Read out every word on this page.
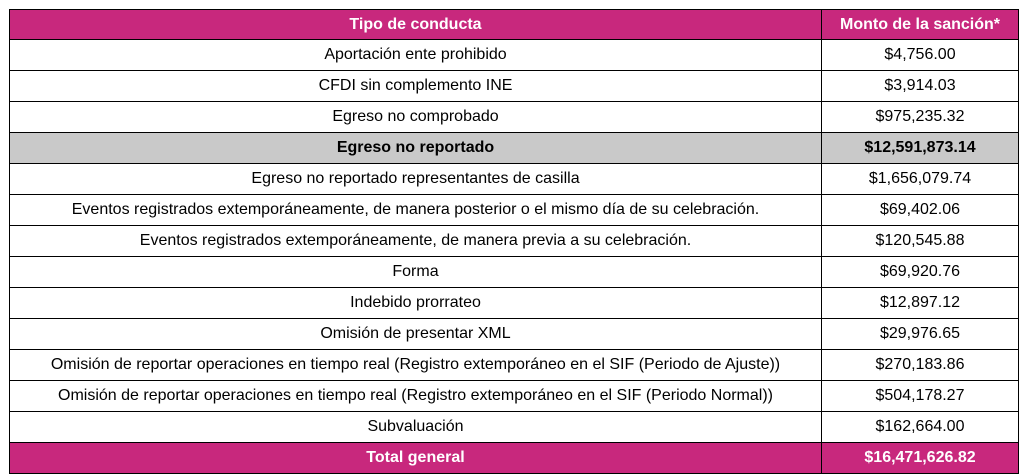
Tipo de conducta	Monto de la sanción*
Aportación ente prohibido	$4,756.00
CFDI sin complemento INE	$3,914.03
Egreso no comprobado	$975,235.32
Egreso no reportado	$12,591,873.14
Egreso no reportado representantes de casilla	$1,656,079.74
Eventos registrados extemporáneamente, de manera posterior o el mismo día de su celebración.	$69,402.06
Eventos registrados extemporáneamente, de manera previa a su celebración.	$120,545.88
Forma	$69,920.76
Indebido prorrateo	$12,897.12
Omisión de presentar XML	$29,976.65
Omisión de reportar operaciones en tiempo real (Registro extemporáneo en el SIF (Periodo de Ajuste))	$270,183.86
Omisión de reportar operaciones en tiempo real (Registro extemporáneo en el SIF (Periodo Normal))	$504,178.27
Subvaluación	$162,664.00
Total general	$16,471,626.82
